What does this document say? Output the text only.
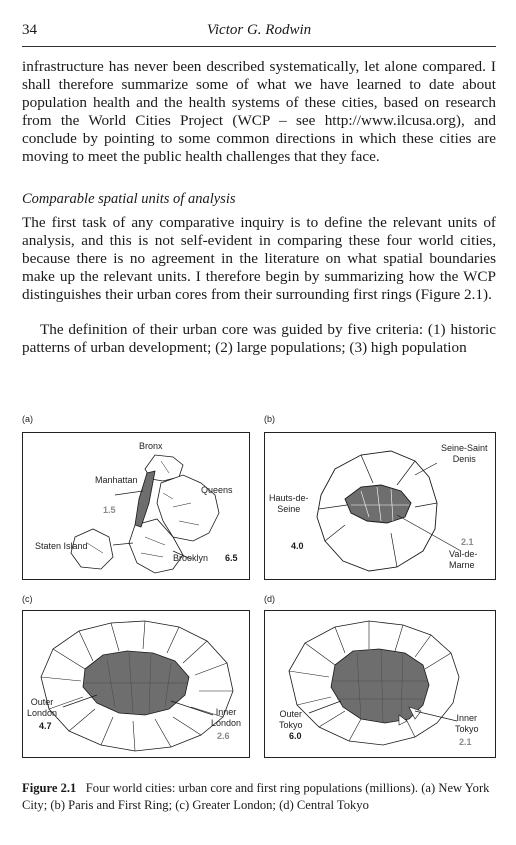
34	Victor G. Rodwin

infrastructure has never been described systematically, let alone compared. I shall therefore summarize some of what we have learned to date about population health and the health systems of these cities, based on research from the World Cities Project (WCP – see http://www.ilcusa.org), and conclude by pointing to some common directions in which these cities are moving to meet the public health challenges that they face.

Comparable spatial units of analysis

The first task of any comparative inquiry is to define the relevant units of analysis, and this is not self-evident in comparing these four world cities, because there is no agreement in the literature on what spatial boundaries make up the relevant units. I therefore begin by summarizing how the WCP distinguishes their urban cores from their surrounding first rings (Figure 2.1).

The definition of their urban core was guided by five criteria: (1) historic patterns of urban development; (2) large populations; (3) high population

(a)
Bronx
Manhattan
Queens
1.5
Staten Island
Brooklyn 6.5
(b)
Seine-Saint
Denis
Hauts-de-
Seine
4.0	2.1
Val-de-
Marne
(c)
Outer
London
4.7
Inner
London
2.6
(d)
Outer
Tokyo
6.0
Inner
Tokyo
2.1

Figure 2.1 Four world cities: urban core and first ring populations (millions). (a) New York City; (b) Paris and First Ring; (c) Greater London; (d) Central Tokyo
